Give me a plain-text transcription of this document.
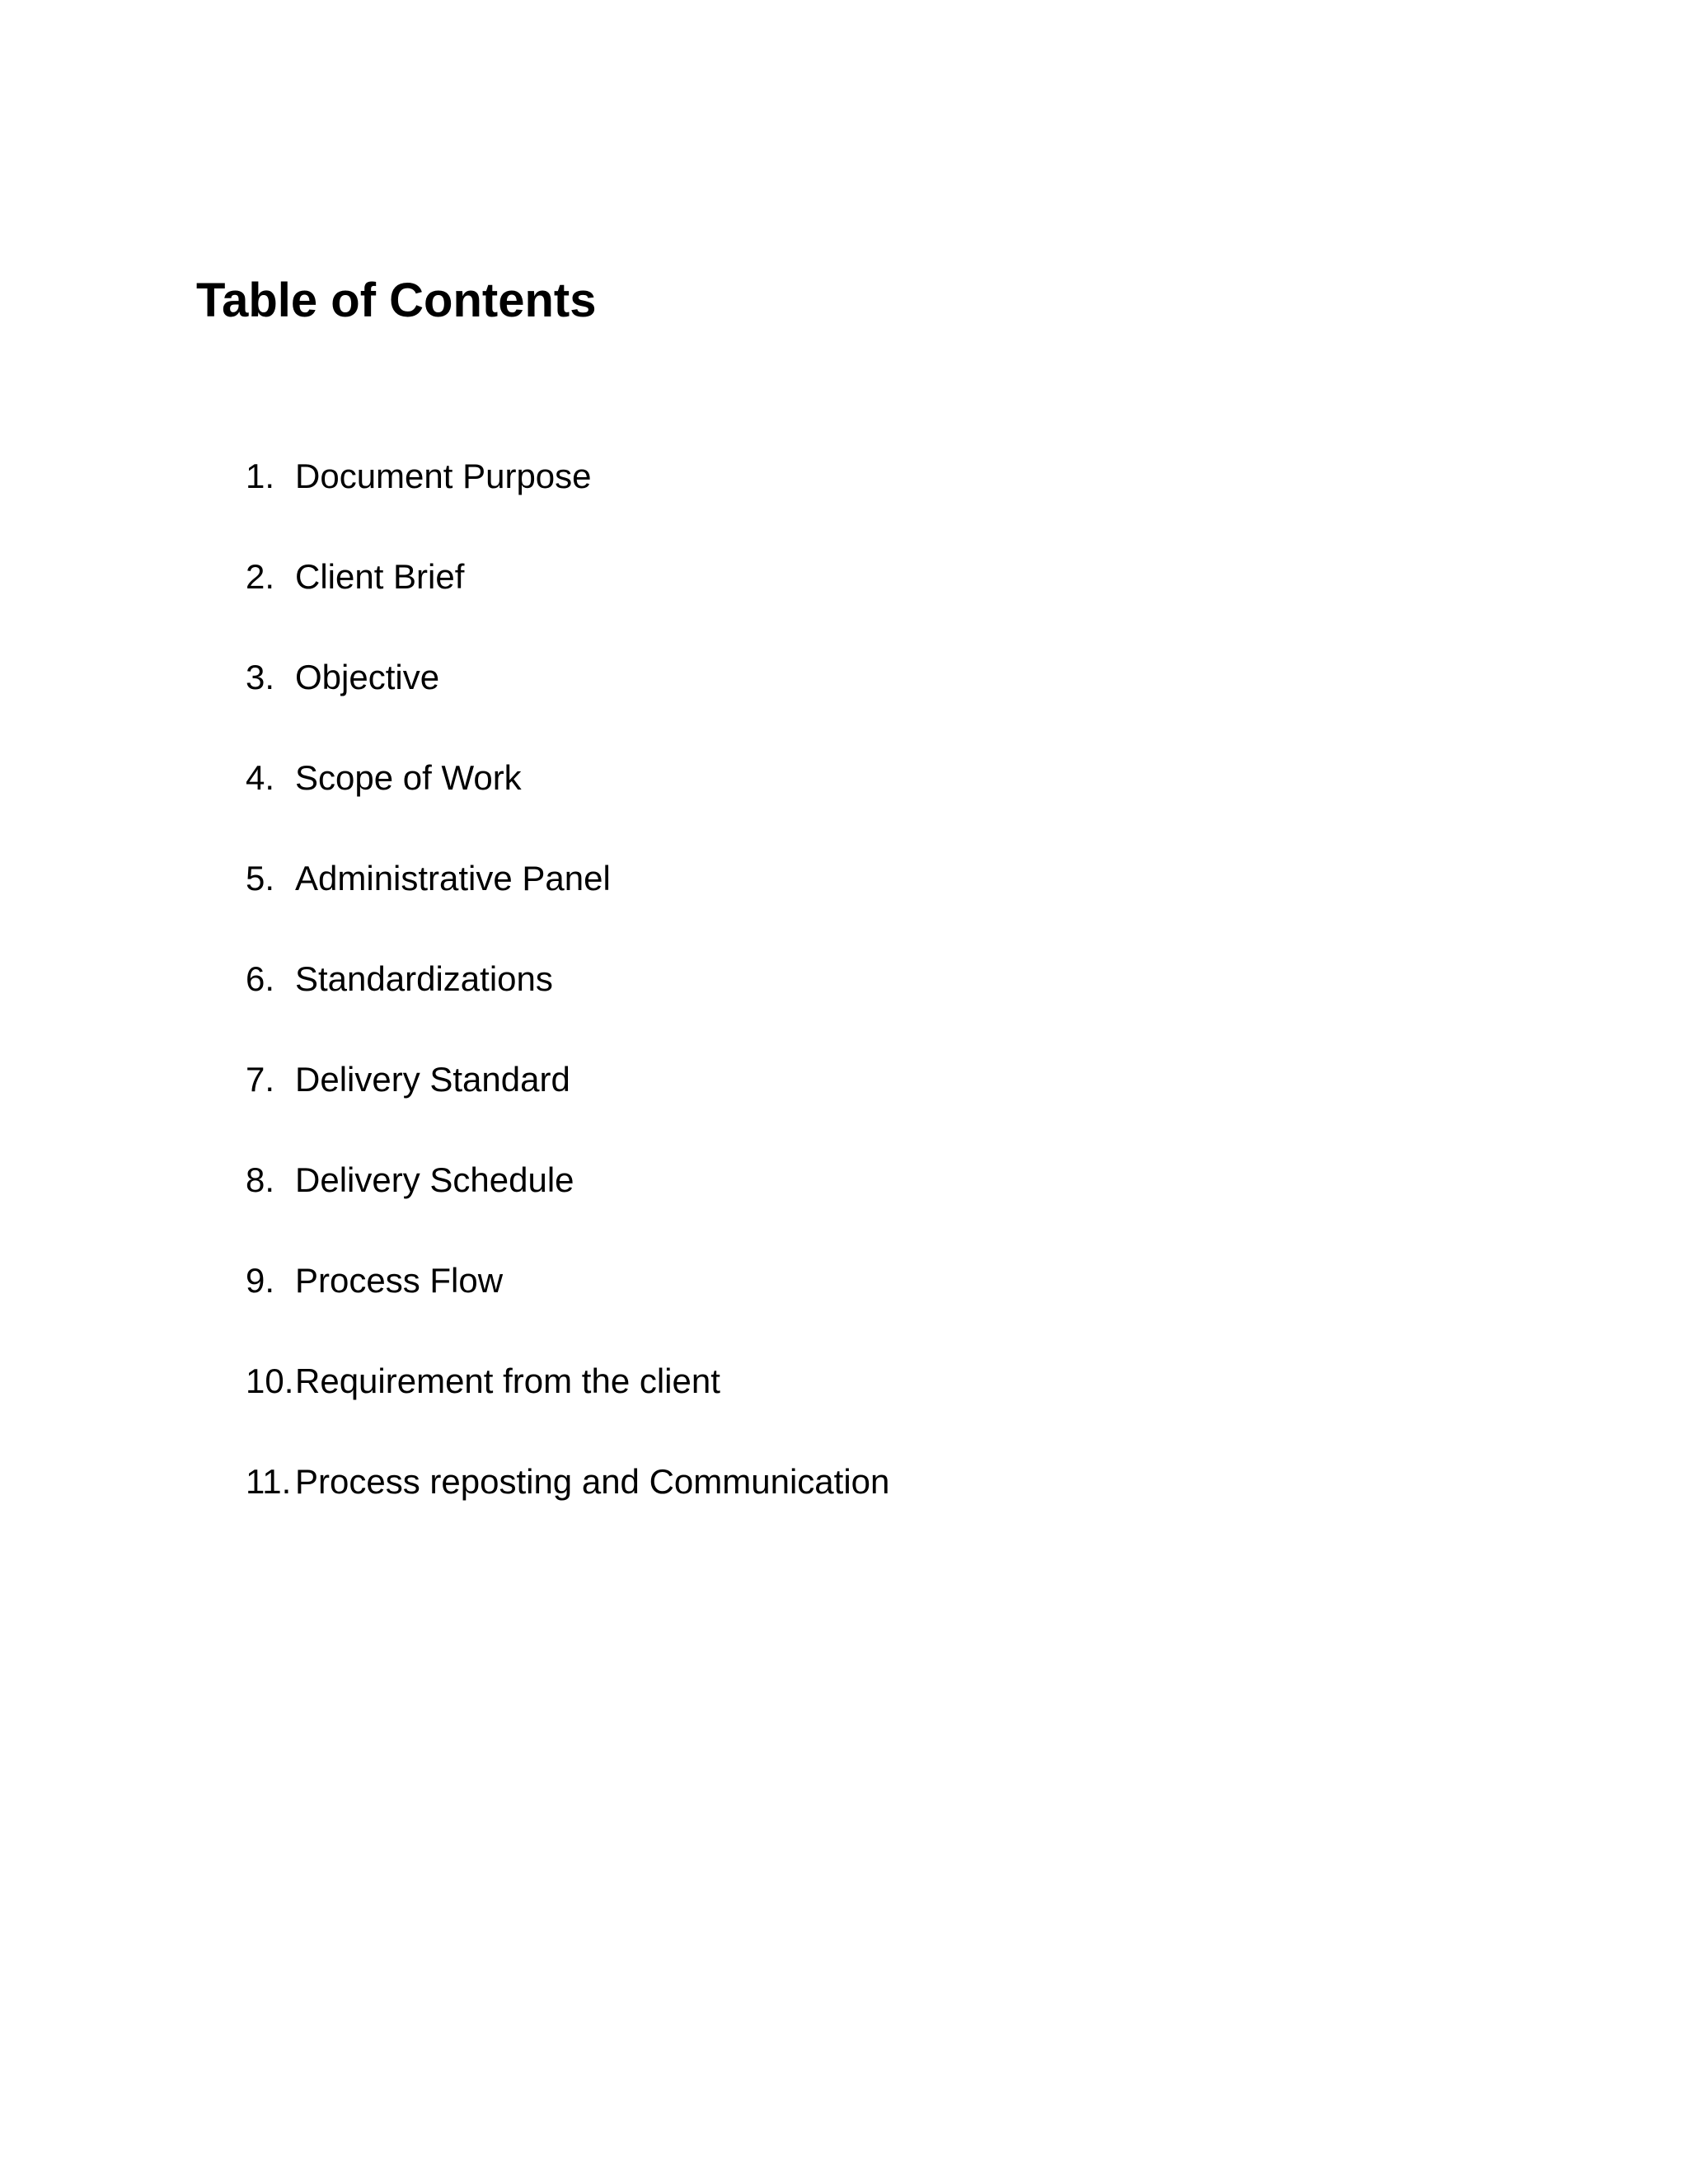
Table of Contents
1. Document Purpose
2. Client Brief
3. Objective
4. Scope of Work
5. Administrative Panel
6. Standardizations
7. Delivery Standard
8. Delivery Schedule
9. Process Flow
10. Requirement from the client
11. Process reposting and Communication
